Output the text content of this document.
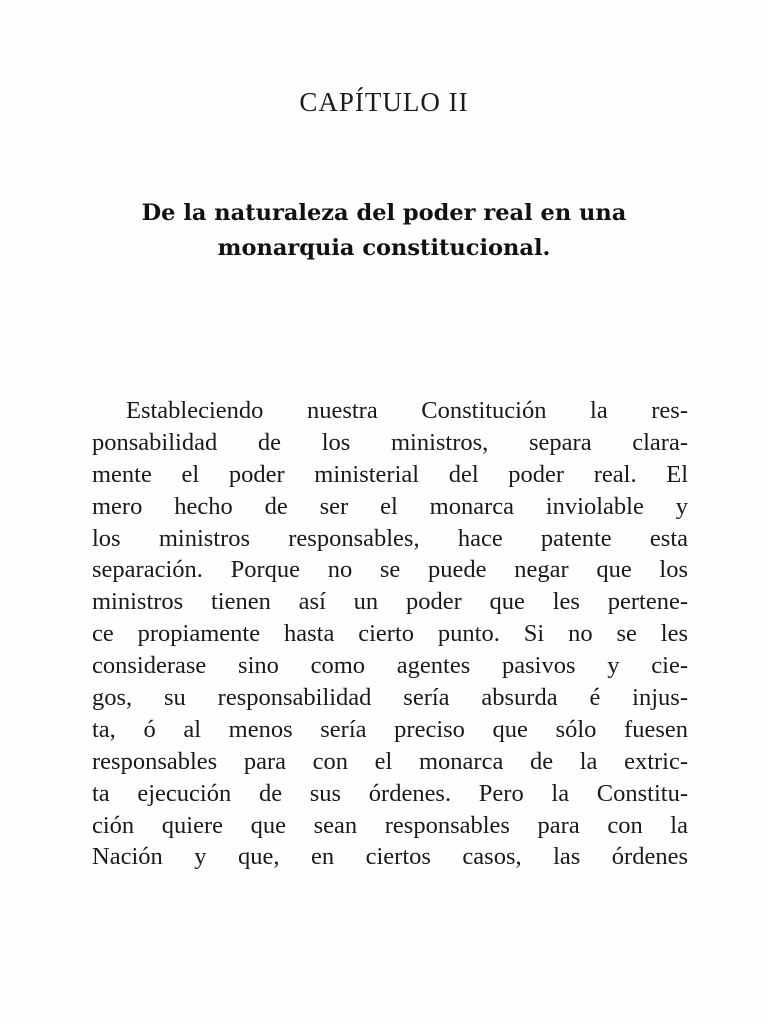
CAPÍTULO II
De la naturaleza del poder real en una
monarquia constitucional.
Estableciendo nuestra Constitución la res-
ponsabilidad de los ministros, separa clara-
mente el poder ministerial del poder real. El
mero hecho de ser el monarca inviolable y
los ministros responsables, hace patente esta
separación. Porque no se puede negar que los
ministros tienen así un poder que les pertene-
ce propiamente hasta cierto punto. Si no se les
considerase sino como agentes pasivos y cie-
gos, su responsabilidad sería absurda é injus-
ta, ó al menos sería preciso que sólo fuesen
responsables para con el monarca de la extric-
ta ejecución de sus órdenes. Pero la Constitu-
ción quiere que sean responsables para con la
Nación y que, en ciertos casos, las órdenes
